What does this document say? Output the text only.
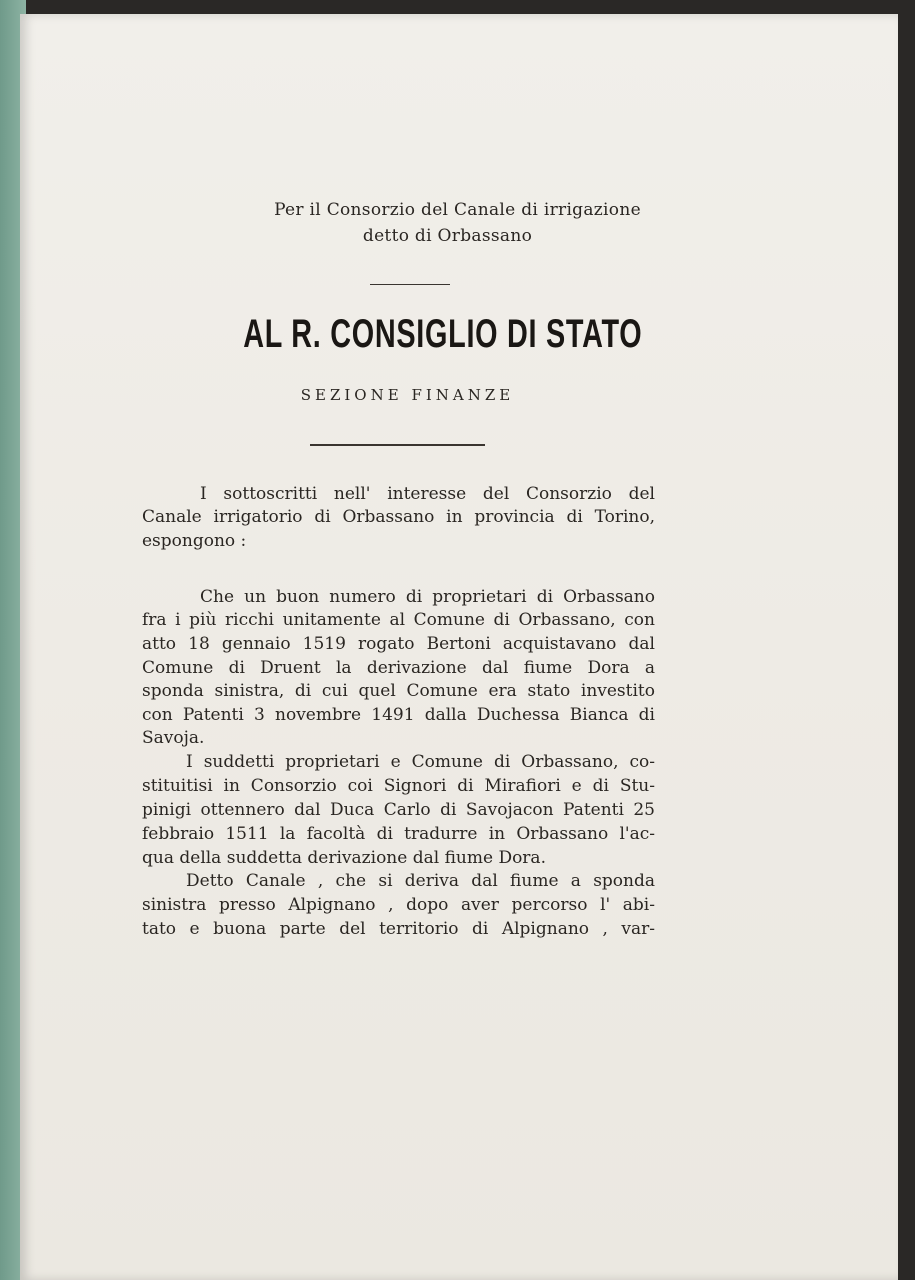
Per il Consorzio del Canale di irrigazione
detto di Orbassano
AL R. CONSIGLIO DI STATO
SEZIONE FINANZE
I sottoscritti nell' interesse del Consorzio del
Canale irrigatorio di Orbassano in provincia di Torino,
espongono :
Che un buon numero di proprietari di Orbassano
fra i più ricchi unitamente al Comune di Orbassano, con
atto 18 gennaio 1519 rogato Bertoni acquistavano dal
Comune di Druent la derivazione dal fiume Dora a
sponda sinistra, di cui quel Comune era stato investito
con Patenti 3 novembre 1491 dalla Duchessa Bianca di
Savoja.
I suddetti proprietari e Comune di Orbassano, co-
stituitisi in Consorzio coi Signori di Mirafiori e di Stu-
pinigi ottennero dal Duca Carlo di Savojacon Patenti 25
febbraio 1511 la facoltà di tradurre in Orbassano l'ac-
qua della suddetta derivazione dal fiume Dora.
Detto Canale , che si deriva dal fiume a sponda
sinistra presso Alpignano , dopo aver percorso l' abi-
tato e buona parte del territorio di Alpignano , var-
